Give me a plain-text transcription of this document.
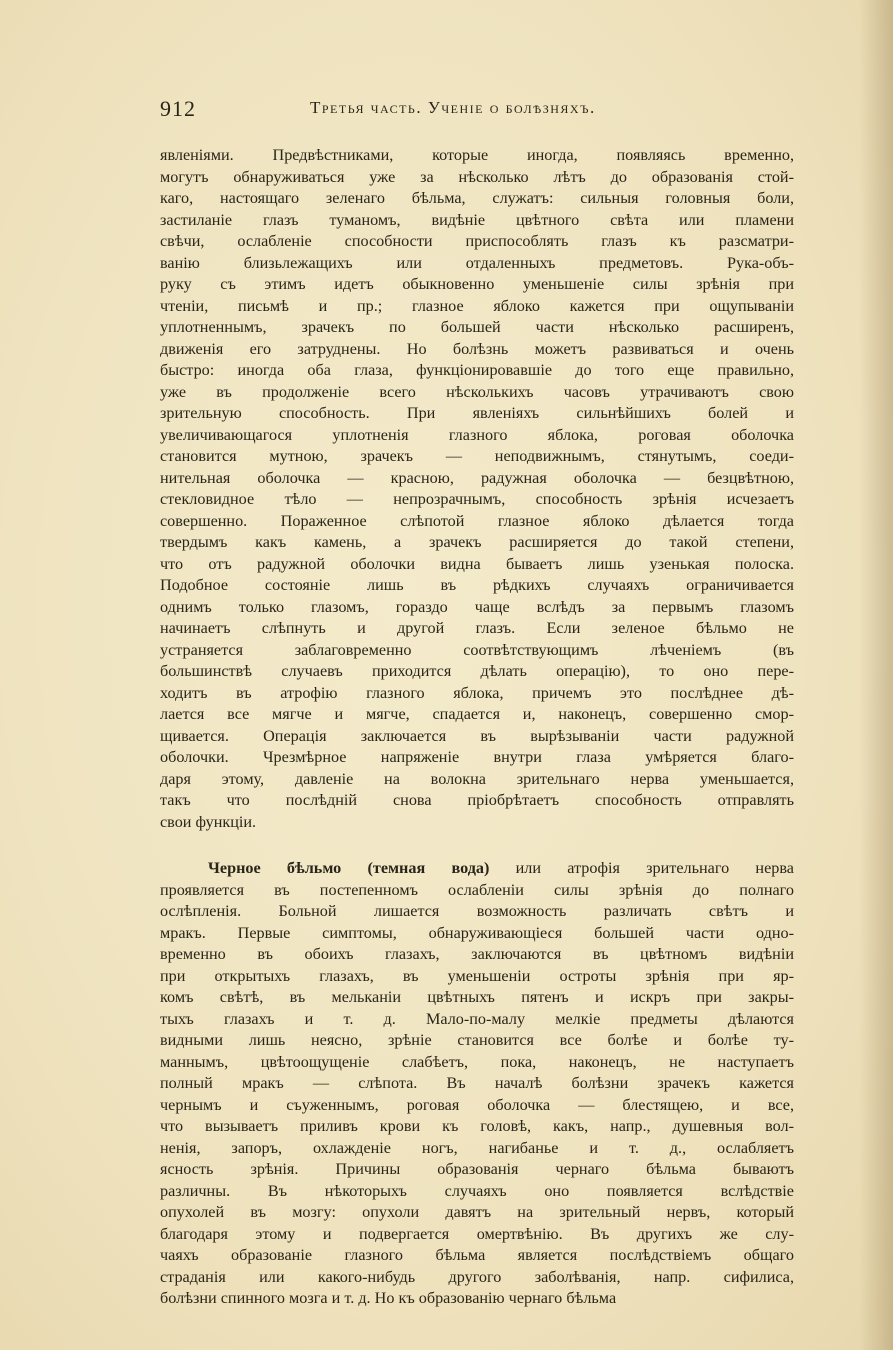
912	Третья часть. Ученіе о болѣзняхъ.
явленіями. Предвѣстниками, которые иногда, появляясь временно,
могутъ обнаруживаться уже за нѣсколько лѣтъ до образованія стой-
каго, настоящаго зеленаго бѣльма, служатъ: сильныя головныя боли,
застиланіе глазъ туманомъ, видѣніе цвѣтного свѣта или пламени
свѣчи, ослабленіе способности приспособлять глазъ къ разсматри-
ванію близьлежащихъ или отдаленныхъ предметовъ. Рука-объ-
руку съ этимъ идетъ обыкновенно уменьшеніе силы зрѣнія при
чтеніи, письмѣ и пр.; глазное яблоко кажется при ощупываніи
уплотненнымъ, зрачекъ по большей части нѣсколько расширенъ,
движенія его затруднены. Но болѣзнь можетъ развиваться и очень
быстро: иногда оба глаза, функціонировавшіе до того еще правильно,
уже въ продолженіе всего нѣсколькихъ часовъ утрачиваютъ свою
зрительную способность. При явленіяхъ сильнѣйшихъ болей и
увеличивающагося уплотненія глазного яблока, роговая оболочка
становится мутною, зрачекъ — неподвижнымъ, стянутымъ, соеди-
нительная оболочка — красною, радужная оболочка — безцвѣтною,
стекловидное тѣло — непрозрачнымъ, способность зрѣнія исчезаетъ
совершенно. Пораженное слѣпотой глазное яблоко дѣлается тогда
твердымъ какъ камень, а зрачекъ расширяется до такой степени,
что отъ радужной оболочки видна бываетъ лишь узенькая полоска.
Подобное состояніе лишь въ рѣдкихъ случаяхъ ограничивается
однимъ только глазомъ, гораздо чаще вслѣдъ за первымъ глазомъ
начинаетъ слѣпнуть и другой глазъ. Если зеленое бѣльмо не
устраняется заблаговременно соотвѣтствующимъ лѣченіемъ (въ
большинствѣ случаевъ приходится дѣлать операцію), то оно пере-
ходитъ въ атрофію глазного яблока, причемъ это послѣднее дѣ-
лается все мягче и мягче, спадается и, наконецъ, совершенно смор-
щивается. Операція заключается въ вырѣзываніи части радужной
оболочки. Чрезмѣрное напряженіе внутри глаза умѣряется благо-
даря этому, давленіе на волокна зрительнаго нерва уменьшается,
такъ что послѣдній снова пріобрѣтаетъ способность отправлять
свои функціи.
Черное бѣльмо (темная вода) или атрофія зрительнаго нерва
проявляется въ постепенномъ ослабленіи силы зрѣнія до полнаго
ослѣпленія. Больной лишается возможность различать свѣтъ и
мракъ. Первые симптомы, обнаруживающіеся большей части одно-
временно въ обоихъ глазахъ, заключаются въ цвѣтномъ видѣніи
при открытыхъ глазахъ, въ уменьшеніи остроты зрѣнія при яр-
комъ свѣтѣ, въ мельканіи цвѣтныхъ пятенъ и искръ при закры-
тыхъ глазахъ и т. д. Мало-по-малу мелкіе предметы дѣлаются
видными лишь неясно, зрѣніе становится все болѣе и болѣе ту-
маннымъ, цвѣтоощущеніе слабѣетъ, пока, наконецъ, не наступаетъ
полный мракъ — слѣпота. Въ началѣ болѣзни зрачекъ кажется
чернымъ и съуженнымъ, роговая оболочка — блестящею, и все,
что вызываетъ приливъ крови къ головѣ, какъ, напр., душевныя вол-
ненія, запоръ, охлажденіе ногъ, нагибанье и т. д., ослабляетъ
ясность зрѣнія. Причины образованія чернаго бѣльма бываютъ
различны. Въ нѣкоторыхъ случаяхъ оно появляется вслѣдствіе
опухолей въ мозгу: опухоли давятъ на зрительный нервъ, который
благодаря этому и подвергается омертвѣнію. Въ другихъ же слу-
чаяхъ образованіе глазного бѣльма является послѣдствіемъ общаго
страданія или какого-нибудь другого заболѣванія, напр. сифилиса,
болѣзни спинного мозга и т. д. Но къ образованію чернаго бѣльма
